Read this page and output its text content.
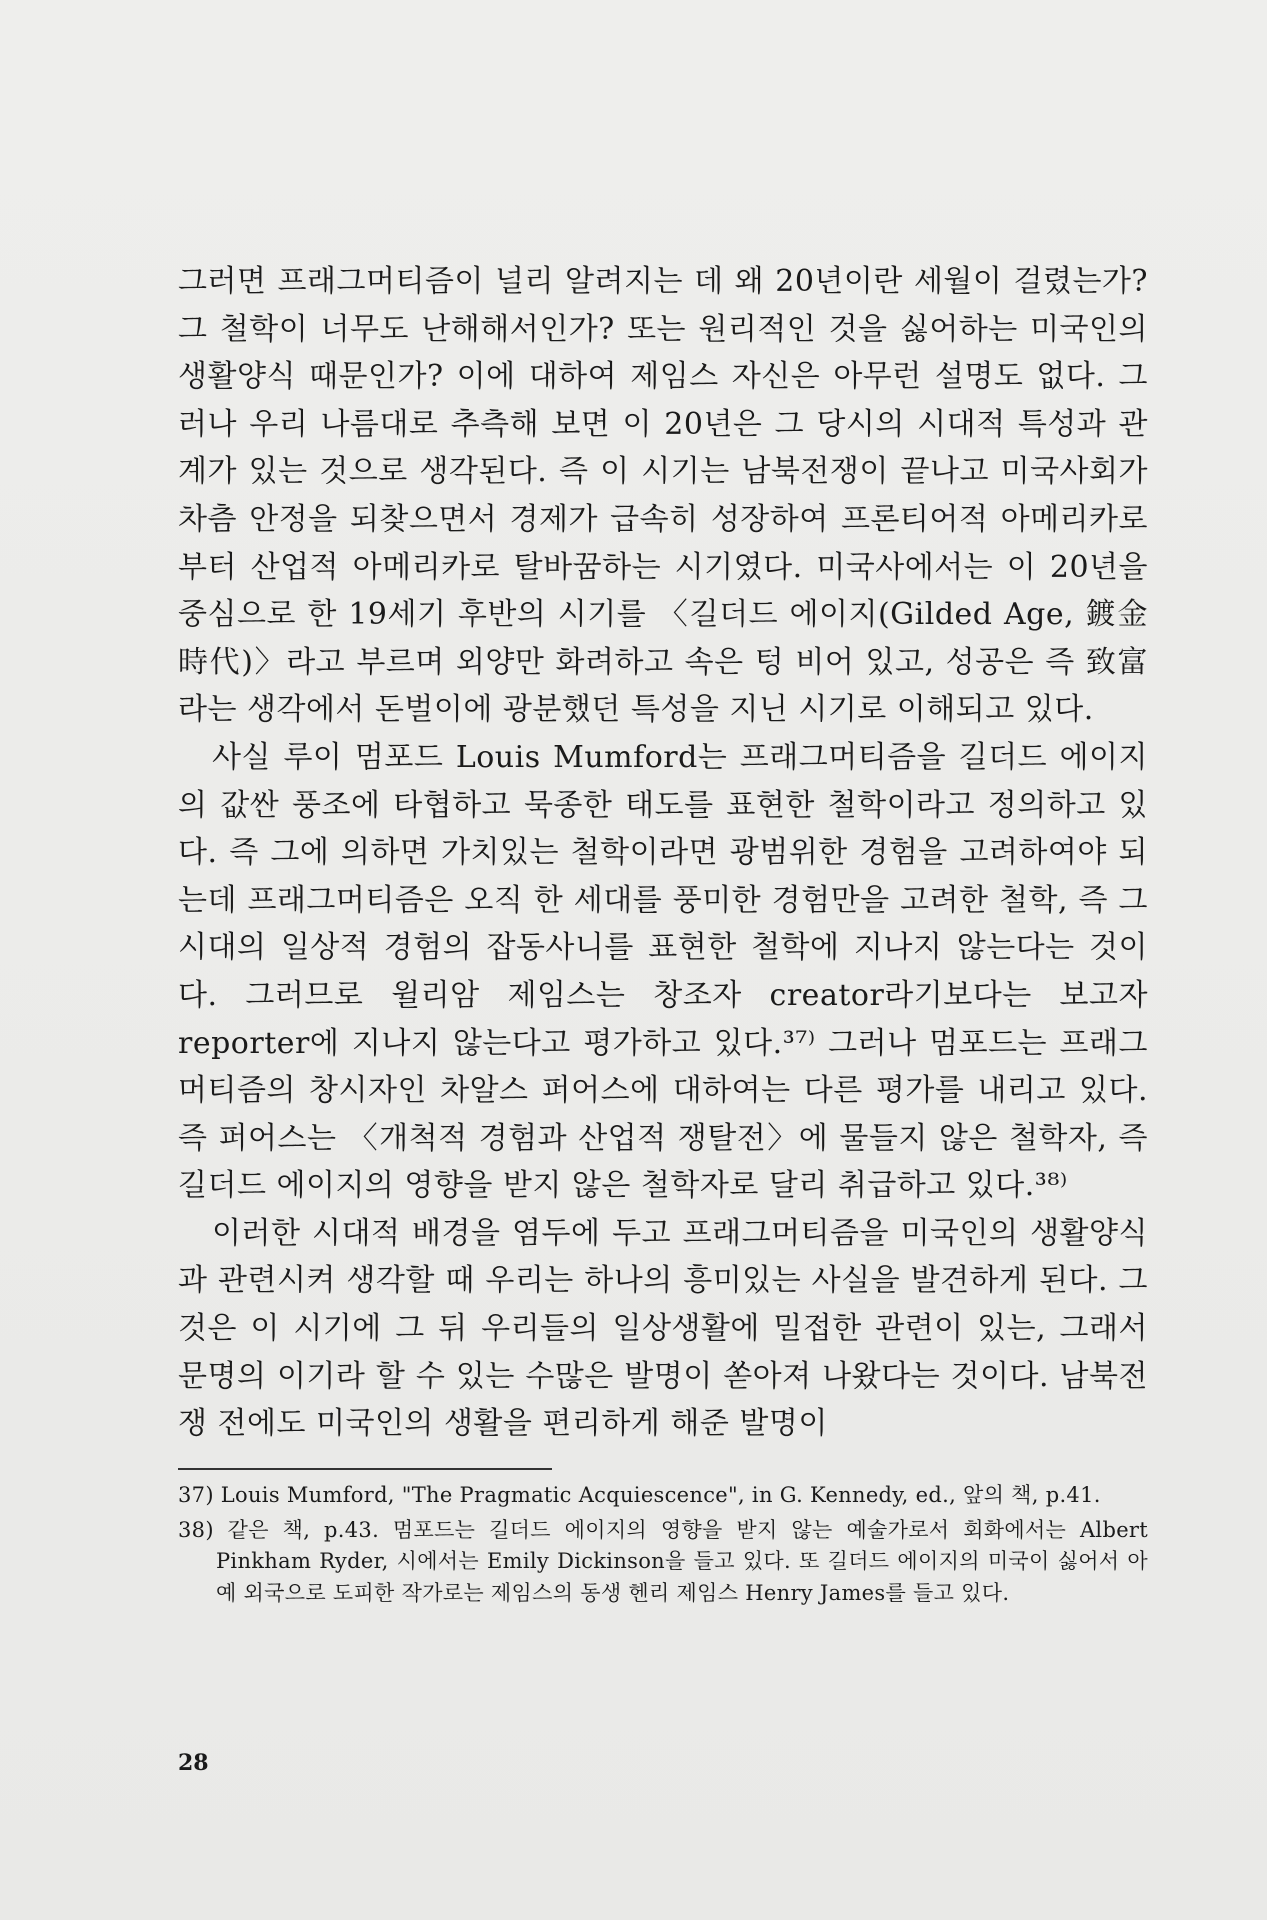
그러면 프래그머티즘이 널리 알려지는 데 왜 20년이란 세월이 걸렸는가? 그 철학이 너무도 난해해서인가? 또는 원리적인 것을 싫어하는 미국인의 생활양식 때문인가? 이에 대하여 제임스 자신은 아무런 설명도 없다. 그러나 우리 나름대로 추측해 보면 이 20년은 그 당시의 시대적 특성과 관계가 있는 것으로 생각된다. 즉 이 시기는 남북전쟁이 끝나고 미국사회가 차츰 안정을 되찾으면서 경제가 급속히 성장하여 프론티어적 아메리카로부터 산업적 아메리카로 탈바꿈하는 시기였다. 미국사에서는 이 20년을 중심으로 한 19세기 후반의 시기를 〈길더드 에이지(Gilded Age, 鍍金時代)〉라고 부르며 외양만 화려하고 속은 텅 비어 있고, 성공은 즉 致富라는 생각에서 돈벌이에 광분했던 특성을 지닌 시기로 이해되고 있다.

사실 루이 멈포드 Louis Mumford는 프래그머티즘을 길더드 에이지의 값싼 풍조에 타협하고 묵종한 태도를 표현한 철학이라고 정의하고 있다. 즉 그에 의하면 가치있는 철학이라면 광범위한 경험을 고려하여야 되는데 프래그머티즘은 오직 한 세대를 풍미한 경험만을 고려한 철학, 즉 그 시대의 일상적 경험의 잡동사니를 표현한 철학에 지나지 않는다는 것이다. 그러므로 윌리암 제임스는 창조자 creator라기보다는 보고자 reporter에 지나지 않는다고 평가하고 있다.³⁷⁾ 그러나 멈포드는 프래그머티즘의 창시자인 차알스 퍼어스에 대하여는 다른 평가를 내리고 있다. 즉 퍼어스는 〈개척적 경험과 산업적 쟁탈전〉에 물들지 않은 철학자, 즉 길더드 에이지의 영향을 받지 않은 철학자로 달리 취급하고 있다.³⁸⁾

이러한 시대적 배경을 염두에 두고 프래그머티즘을 미국인의 생활양식과 관련시켜 생각할 때 우리는 하나의 흥미있는 사실을 발견하게 된다. 그것은 이 시기에 그 뒤 우리들의 일상생활에 밀접한 관련이 있는, 그래서 문명의 이기라 할 수 있는 수많은 발명이 쏟아져 나왔다는 것이다. 남북전쟁 전에도 미국인의 생활을 편리하게 해준 발명이

37) Louis Mumford, "The Pragmatic Acquiescence", in G. Kennedy, ed., 앞의 책, p.41.

38) 같은 책, p.43. 멈포드는 길더드 에이지의 영향을 받지 않는 예술가로서 회화에서는 Albert Pinkham Ryder, 시에서는 Emily Dickinson을 들고 있다. 또 길더드 에이지의 미국이 싫어서 아예 외국으로 도피한 작가로는 제임스의 동생 헨리 제임스 Henry James를 들고 있다.

28
